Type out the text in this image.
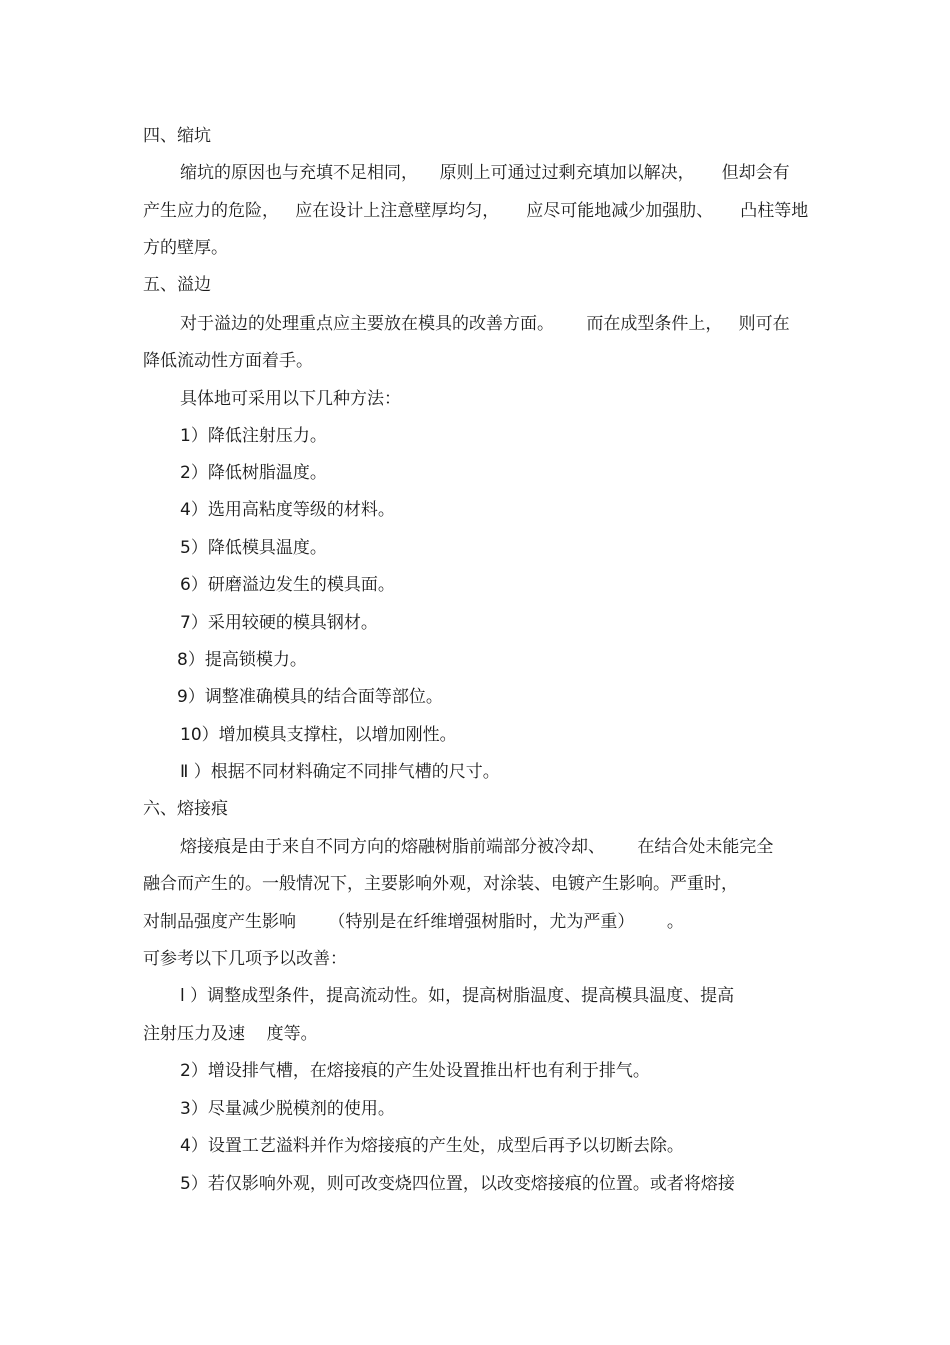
四、缩坑
缩坑的原因也与充填不足相同，    原则上可通过过剩充填加以解决，     但却会有
产生应力的危险，   应在设计上注意壁厚均匀，     应尽可能地减少加强肋、     凸柱等地
方的壁厚。
五、溢边
对于溢边的处理重点应主要放在模具的改善方面。      而在成型条件上，   则可在
降低流动性方面着手。
具体地可采用以下几种方法：
1）降低注射压力。
2）降低树脂温度。
4）选用高粘度等级的材料。
5）降低模具温度。
6）研磨溢边发生的模具面。
7）采用较硬的模具钢材。
8）提高锁模力。
9）调整准确模具的结合面等部位。
10）增加模具支撑柱，以增加刚性。
Ⅱ ）根据不同材料确定不同排气槽的尺寸。
六、熔接痕
熔接痕是由于来自不同方向的熔融树脂前端部分被冷却、      在结合处未能完全
融合而产生的。一般情况下，主要影响外观，对涂装、电镀产生影响。严重时，
对制品强度产生影响      （特别是在纤维增强树脂时，尤为严重）      。
可参考以下几项予以改善：
l ）调整成型条件，提高流动性。如，提高树脂温度、提高模具温度、提高
注射压力及速    度等。
2）增设排气槽，在熔接痕的产生处设置推出杆也有利于排气。
3）尽量减少脱模剂的使用。
4）设置工艺溢料并作为熔接痕的产生处，成型后再予以切断去除。
5）若仅影响外观，则可改变烧四位置，以改变熔接痕的位置。或者将熔接
